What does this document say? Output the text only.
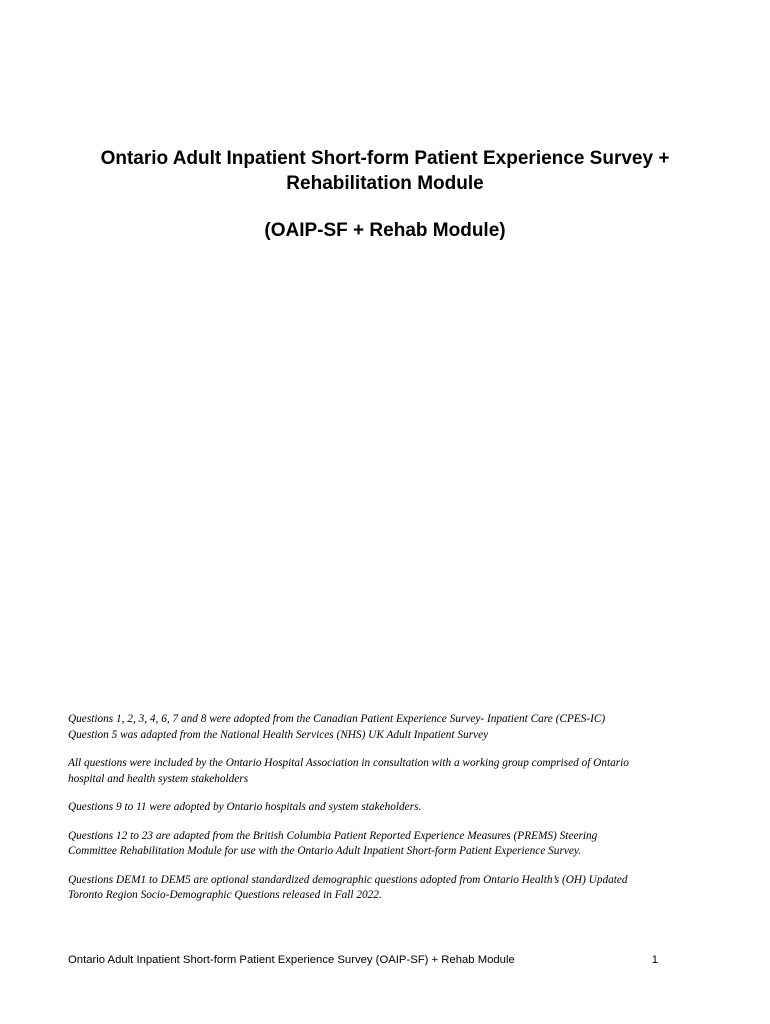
Ontario Adult Inpatient Short-form Patient Experience Survey +
Rehabilitation Module
(OAIP-SF + Rehab Module)

Questions 1, 2, 3, 4, 6, 7 and 8 were adopted from the Canadian Patient Experience Survey- Inpatient Care (CPES-IC)
Question 5 was adapted from the National Health Services (NHS) UK Adult Inpatient Survey

All questions were included by the Ontario Hospital Association in consultation with a working group comprised of Ontario
hospital and health system stakeholders

Questions 9 to 11 were adopted by Ontario hospitals and system stakeholders.

Questions 12 to 23 are adapted from the British Columbia Patient Reported Experience Measures (PREMS) Steering
Committee Rehabilitation Module for use with the Ontario Adult Inpatient Short-form Patient Experience Survey.

Questions DEM1 to DEM5 are optional standardized demographic questions adopted from Ontario Health’s (OH) Updated
Toronto Region Socio-Demographic Questions released in Fall 2022.

Ontario Adult Inpatient Short-form Patient Experience Survey (OAIP-SF) + Rehab Module	1
